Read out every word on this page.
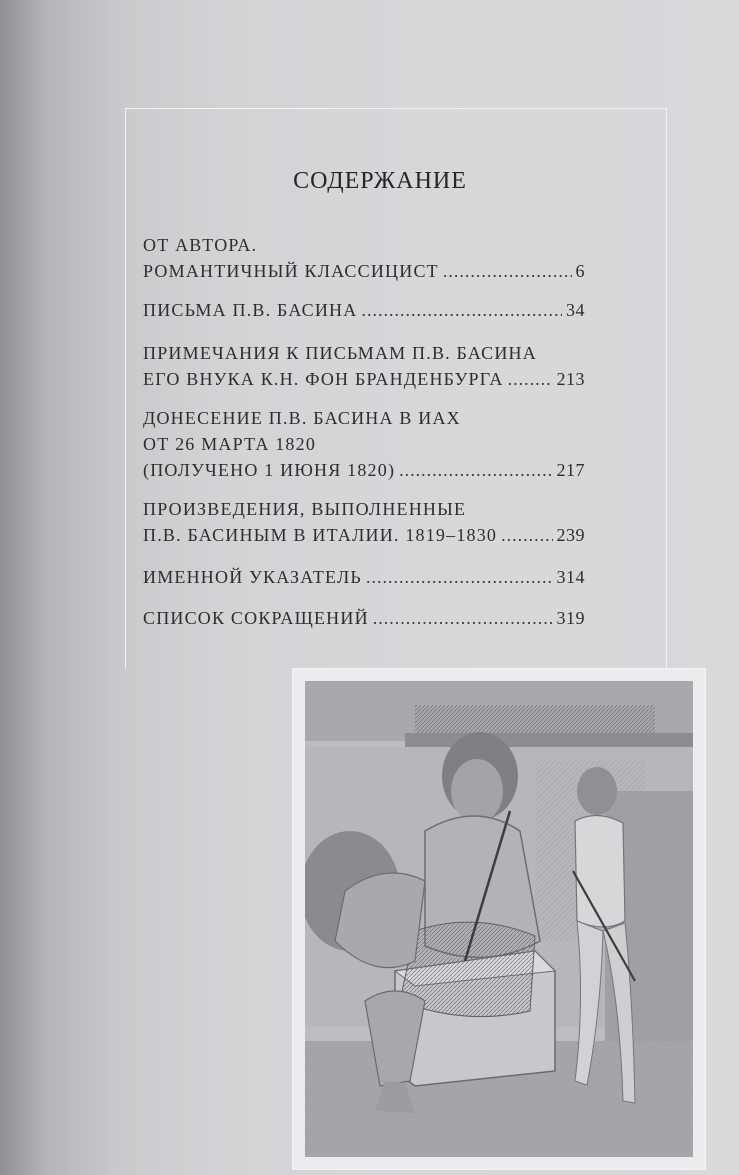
СОДЕРЖАНИЕ
ОТ АВТОРА.
РОМАНТИЧНЫЙ КЛАССИЦИСТ .....	6
ПИСЬМА П.В. БАСИНА .....	34
ПРИМЕЧАНИЯ К ПИСЬМАМ П.В. БАСИНА
ЕГО ВНУКА К.Н. ФОН БРАНДЕНБУРГА .....	213
ДОНЕСЕНИЕ П.В. БАСИНА В ИАХ
ОТ 26 МАРТА 1820
(ПОЛУЧЕНО 1 ИЮНЯ 1820) .....	217
ПРОИЗВЕДЕНИЯ, ВЫПОЛНЕННЫЕ
П.В. БАСИНЫМ В ИТАЛИИ. 1819–1830 .....	239
ИМЕННОЙ УКАЗАТЕЛЬ .....	314
СПИСОК СОКРАЩЕНИЙ .....	319
